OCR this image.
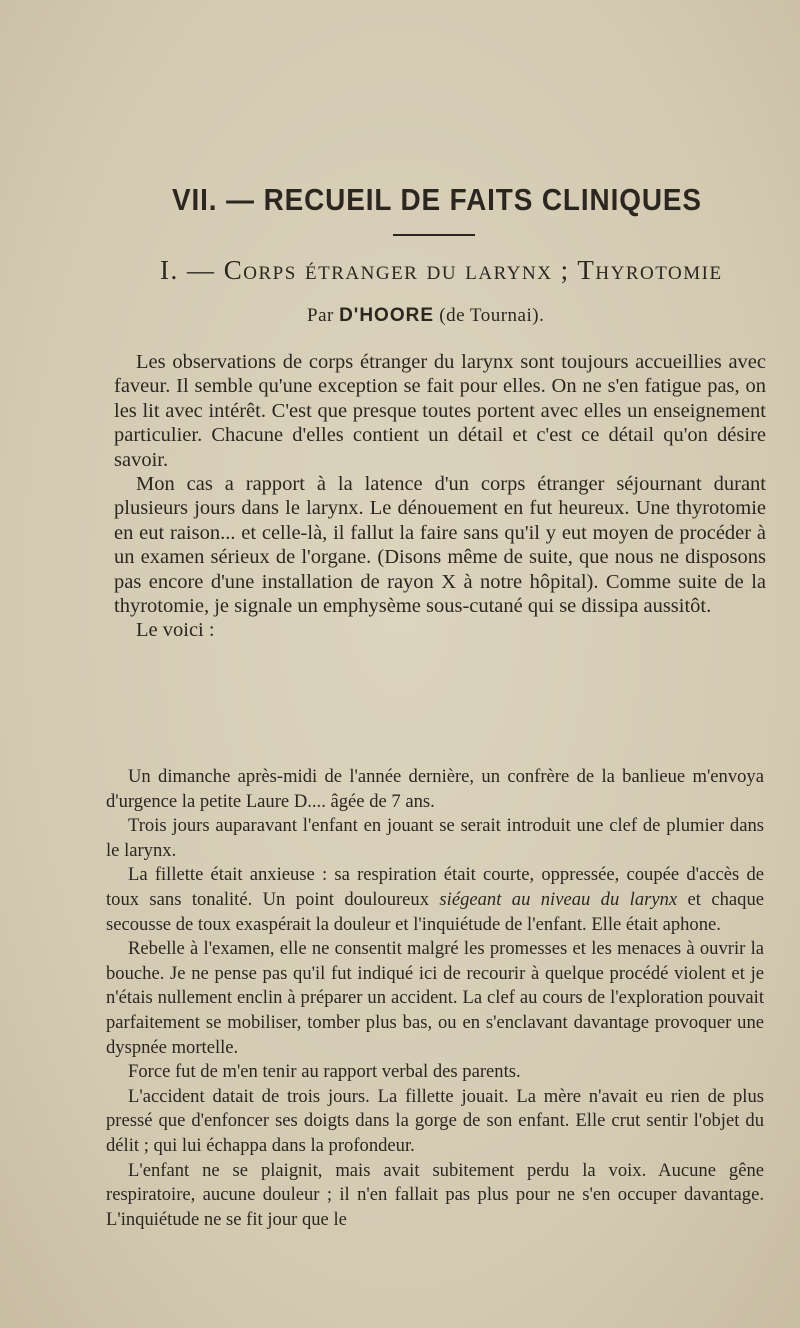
VII. — RECUEIL DE FAITS CLINIQUES
I. — Corps étranger du larynx ; Thyrotomie
Par D'HOORE (de Tournai).

Les observations de corps étranger du larynx sont toujours accueillies avec faveur. Il semble qu'une exception se fait pour elles. On ne s'en fatigue pas, on les lit avec intérêt. C'est que presque toutes portent avec elles un enseignement particulier. Chacune d'elles contient un détail et c'est ce détail qu'on désire savoir.

Mon cas a rapport à la latence d'un corps étranger séjournant durant plusieurs jours dans le larynx. Le dénouement en fut heureux. Une thyrotomie en eut raison... et celle-là, il fallut la faire sans qu'il y eut moyen de procéder à un examen sérieux de l'organe. (Disons même de suite, que nous ne disposons pas encore d'une installation de rayon X à notre hôpital). Comme suite de la thyrotomie, je signale un emphysème sous-cutané qui se dissipa aussitôt.

Le voici :

Un dimanche après-midi de l'année dernière, un confrère de la banlieue m'envoya d'urgence la petite Laure D.... âgée de 7 ans.

Trois jours auparavant l'enfant en jouant se serait introduit une clef de plumier dans le larynx.

La fillette était anxieuse : sa respiration était courte, oppressée, coupée d'accès de toux sans tonalité. Un point douloureux siégeant au niveau du larynx et chaque secousse de toux exaspérait la douleur et l'inquiétude de l'enfant. Elle était aphone.

Rebelle à l'examen, elle ne consentit malgré les promesses et les menaces à ouvrir la bouche. Je ne pense pas qu'il fut indiqué ici de recourir à quelque procédé violent et je n'étais nullement enclin à préparer un accident. La clef au cours de l'exploration pouvait parfaitement se mobiliser, tomber plus bas, ou en s'enclavant davantage provoquer une dyspnée mortelle.

Force fut de m'en tenir au rapport verbal des parents.

L'accident datait de trois jours. La fillette jouait. La mère n'avait eu rien de plus pressé que d'enfoncer ses doigts dans la gorge de son enfant. Elle crut sentir l'objet du délit ; qui lui échappa dans la profondeur.

L'enfant ne se plaignit, mais avait subitement perdu la voix. Aucune gêne respiratoire, aucune douleur ; il n'en fallait pas plus pour ne s'en occuper davantage. L'inquiétude ne se fit jour que le
